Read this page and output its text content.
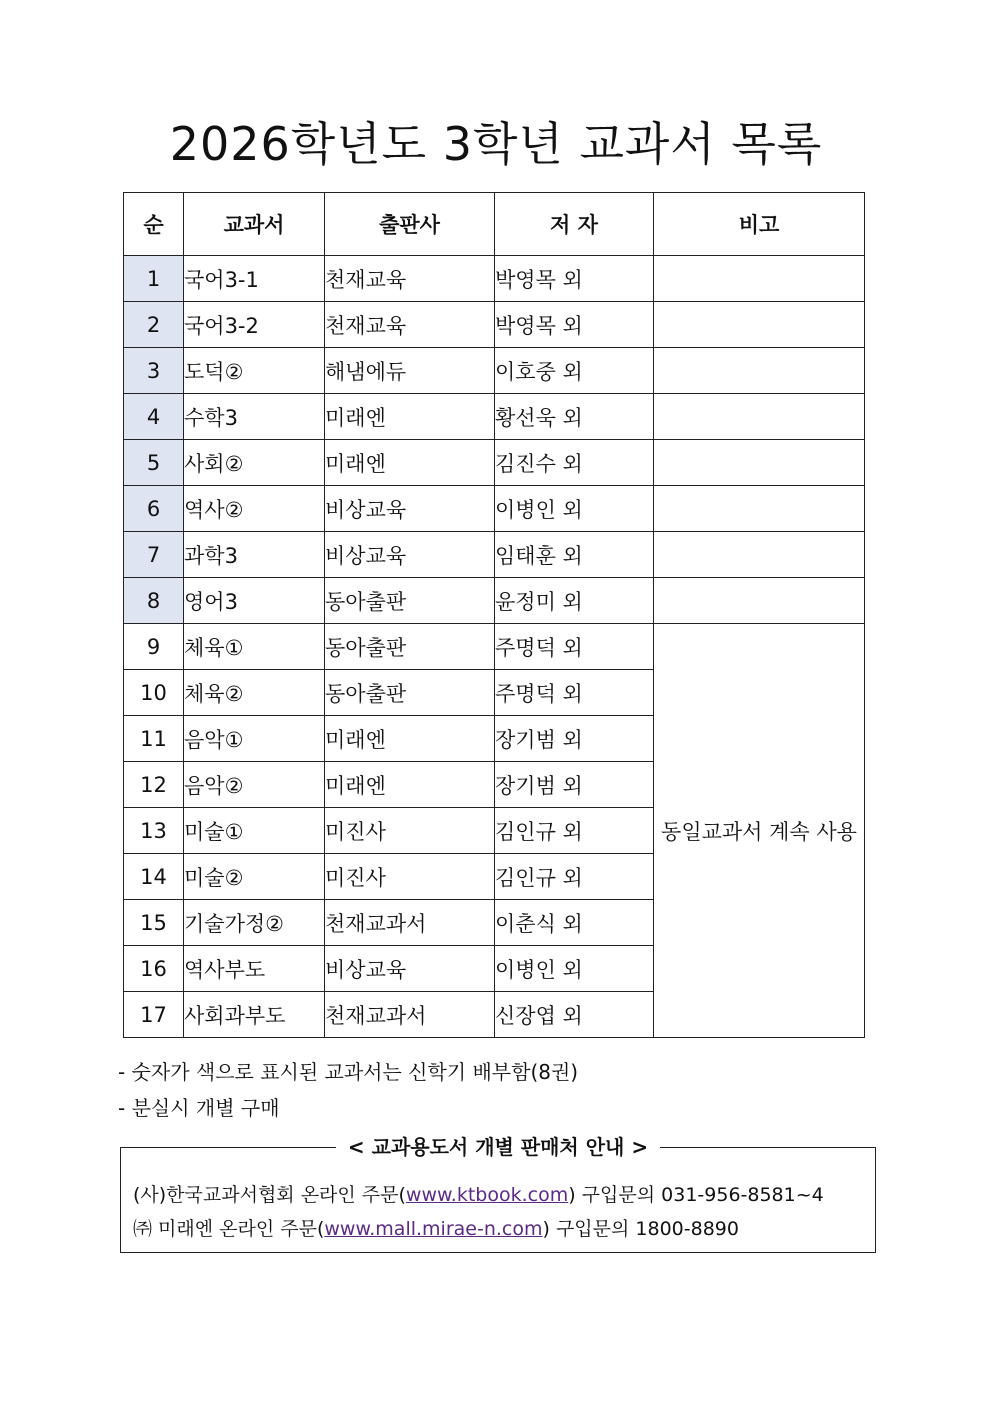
2026학년도 3학년 교과서 목록
순	교과서	출판사	저 자	비고
1	국어3-1	천재교육	박영목 외	
2	국어3-2	천재교육	박영목 외	
3	도덕②	해냄에듀	이호중 외	
4	수학3	미래엔	황선욱 외	
5	사회②	미래엔	김진수 외	
6	역사②	비상교육	이병인 외	
7	과학3	비상교육	임태훈 외	
8	영어3	동아출판	윤정미 외	
9	체육①	동아출판	주명덕 외	동일교과서 계속 사용
10	체육②	동아출판	주명덕 외	
11	음악①	미래엔	장기범 외	
12	음악②	미래엔	장기범 외	
13	미술①	미진사	김인규 외	
14	미술②	미진사	김인규 외	
15	기술가정②	천재교과서	이춘식 외	
16	역사부도	비상교육	이병인 외	
17	사회과부도	천재교과서	신장엽 외	
- 숫자가 색으로 표시된 교과서는 신학기 배부함(8권)
- 분실시 개별 구매
< 교과용도서 개별 판매처 안내 >
(사)한국교과서협회 온라인 주문(www.ktbook.com) 구입문의 031-956-8581~4
㈜ 미래엔 온라인 주문(www.mall.mirae-n.com) 구입문의 1800-8890
